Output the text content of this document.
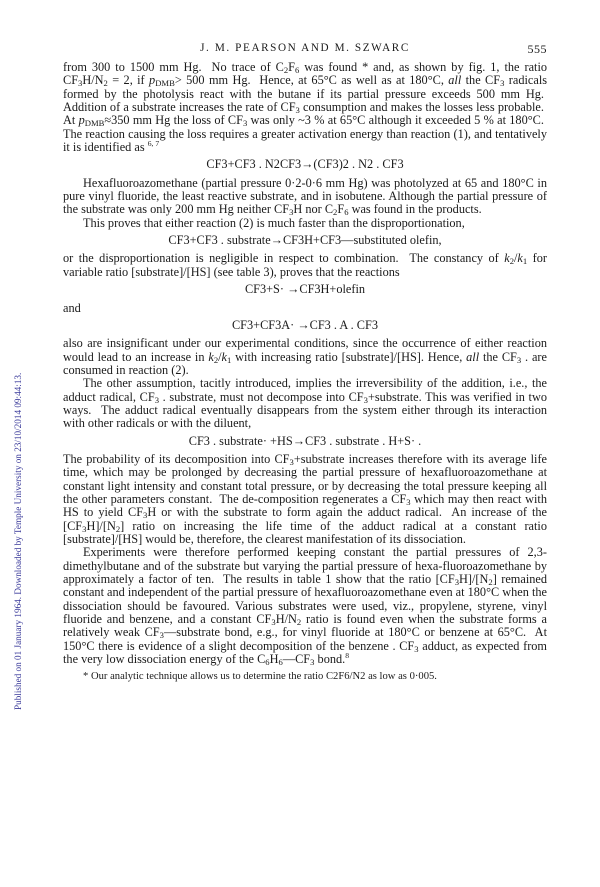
Published on 01 January 1964. Downloaded by Temple University on 23/10/2014 09:44:13.
J. M. PEARSON AND M. SZWARC	555

from 300 to 1500 mm Hg.  No trace of $C_2F_6$ was found * and, as shown by fig. 1, the ratio $CF_3H/N_2 = 2$, if $p_{DMB}> 500$ mm Hg.  Hence, at 65°C as well as at 180°C, all the $CF_3$ radicals formed by the photolysis react with the butane if its partial pressure exceeds 500 mm Hg.  Addition of a substrate increases the rate of $CF_3$ consumption and makes the losses less probable.  At $p_{DMB}\approx 350$ mm Hg the loss of $CF_3$ was only ~3 % at 65°C although it exceeded 5 % at 180°C.  The reaction causing the loss requires a greater activation energy than reaction (1), and tentatively it is identified as $^{6, 7}$

CF3+CF3 . N2CF3→(CF3)2 . N2 . CF3

Hexafluoroazomethane (partial pressure 0·2-0·6 mm Hg) was photolyzed at 65 and 180°C in pure vinyl fluoride, the least reactive substrate, and in isobutene. Although the partial pressure of the substrate was only 200 mm Hg neither $CF_3H$ nor $C_2F_6$ was found in the products.

This proves that either reaction (2) is much faster than the disproportionation,

CF3+CF3 . substrate→CF3H+CF3—substituted olefin,

or the disproportionation is negligible in respect to combination.  The constancy of $k_2/k_1$ for variable ratio [substrate]/[HS] (see table 3), proves that the reactions

CF3+S· →CF3H+olefin
and
CF3+CF3A· →CF3 . A . CF3

also are insignificant under our experimental conditions, since the occurrence of either reaction would lead to an increase in $k_2/k_1$ with increasing ratio [substrate]/[HS]. Hence, all the $CF_3$ . are consumed in reaction (2).

The other assumption, tacitly introduced, implies the irreversibility of the addition, i.e., the adduct radical, $CF_3$ . substrate, must not decompose into $CF_3+substrate$. This was verified in two ways.  The adduct radical eventually disappears from the system either through its interaction with other radicals or with the diluent,

CF3 . substrate· +HS→CF3 . substrate . H+S· .

The probability of its decomposition into $CF_3+substrate$ increases therefore with its average life time, which may be prolonged by decreasing the partial pressure of hexafluoroazomethane at constant light intensity and constant total pressure, or by decreasing the total pressure keeping all the other parameters constant.  The de-composition regenerates a $CF_3$ which may then react with HS to yield $CF_3H$ or with the substrate to form again the adduct radical.  An increase of the $[CF_3H]/[N_2]$ ratio on increasing the life time of the adduct radical at a constant ratio [substrate]/[HS] would be, therefore, the clearest manifestation of its dissociation.

Experiments were therefore performed keeping constant the partial pressures of 2,3-dimethylbutane and of the substrate but varying the partial pressure of hexa-fluoroazomethane by approximately a factor of ten.  The results in table 1 show that the ratio $[CF_3H]/[N_2]$ remained constant and independent of the partial pressure of hexafluoroazomethane even at 180°C when the dissociation should be favoured. Various substrates were used, viz., propylene, styrene, vinyl fluoride and benzene, and a constant $CF_3H/N_2$ ratio is found even when the substrate forms a relatively weak $CF_3—substrate$ bond, e.g., for vinyl fluoride at 180°C or benzene at 65°C.  At 150°C there is evidence of a slight decomposition of the benzene . $CF_3$ adduct, as expected from the very low dissociation energy of the $C_6H_6—CF_3$ bond.$^8$

* Our analytic technique allows us to determine the ratio C2F6/N2 as low as 0·005.
